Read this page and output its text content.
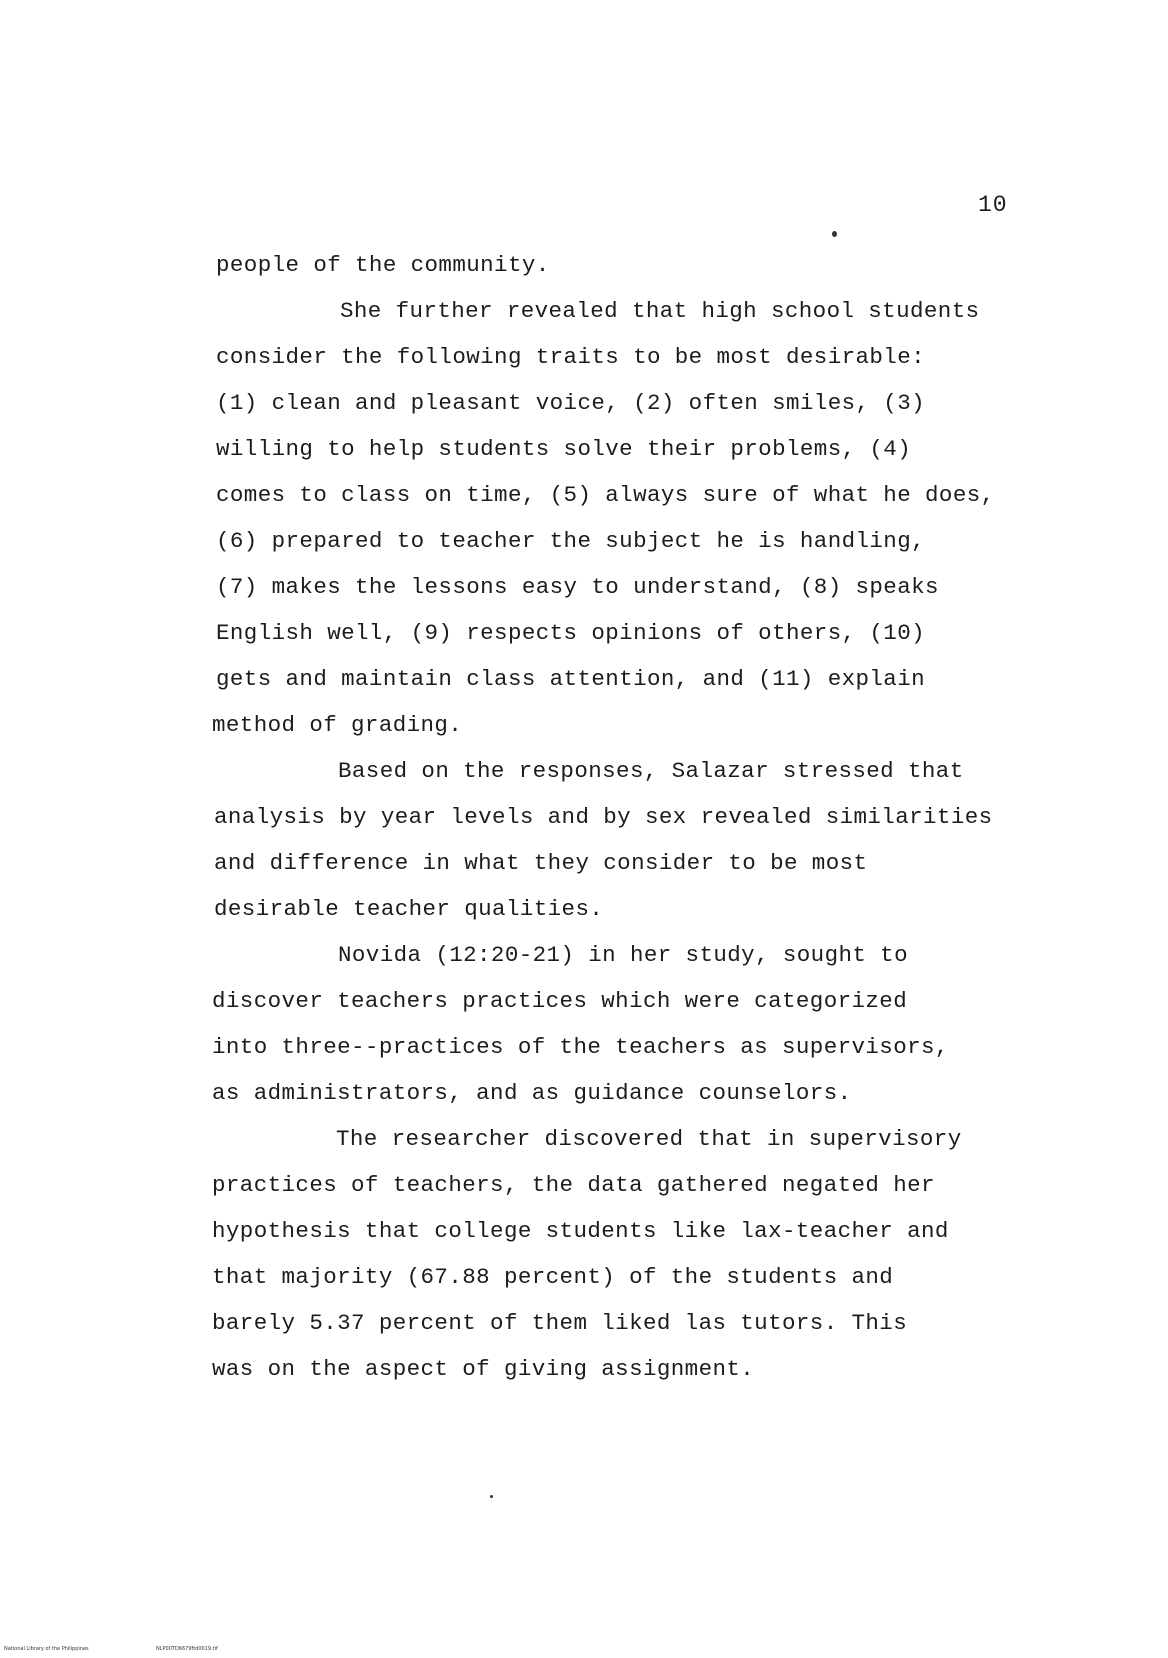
10
people of the community.
She further revealed that high school students
consider the following traits to be most desirable:
(1) clean and pleasant voice, (2) often smiles, (3)
willing to help students solve their problems, (4)
comes to class on time, (5) always sure of what he does,
(6) prepared to teacher the subject he is handling,
(7) makes the lessons easy to understand, (8) speaks
English well, (9) respects opinions of others, (10)
gets and maintain class attention, and (11) explain
method of grading.
Based on the responses, Salazar stressed that
analysis by year levels and by sex revealed similarities
and difference in what they consider to be most
desirable teacher qualities.
Novida (12:20-21) in her study, sought to
discover teachers practices which were categorized
into three--practices of the teachers as supervisors,
as administrators, and as guidance counselors.
The researcher discovered that in supervisory
practices of teachers, the data gathered negated her
hypothesis that college students like lax-teacher and
that majority (67.88 percent) of the students and
barely 5.37 percent of them liked las tutors. This
was on the aspect of giving assignment.
National Library of the Philippines	NLP00TD6679ftd0019.tif
